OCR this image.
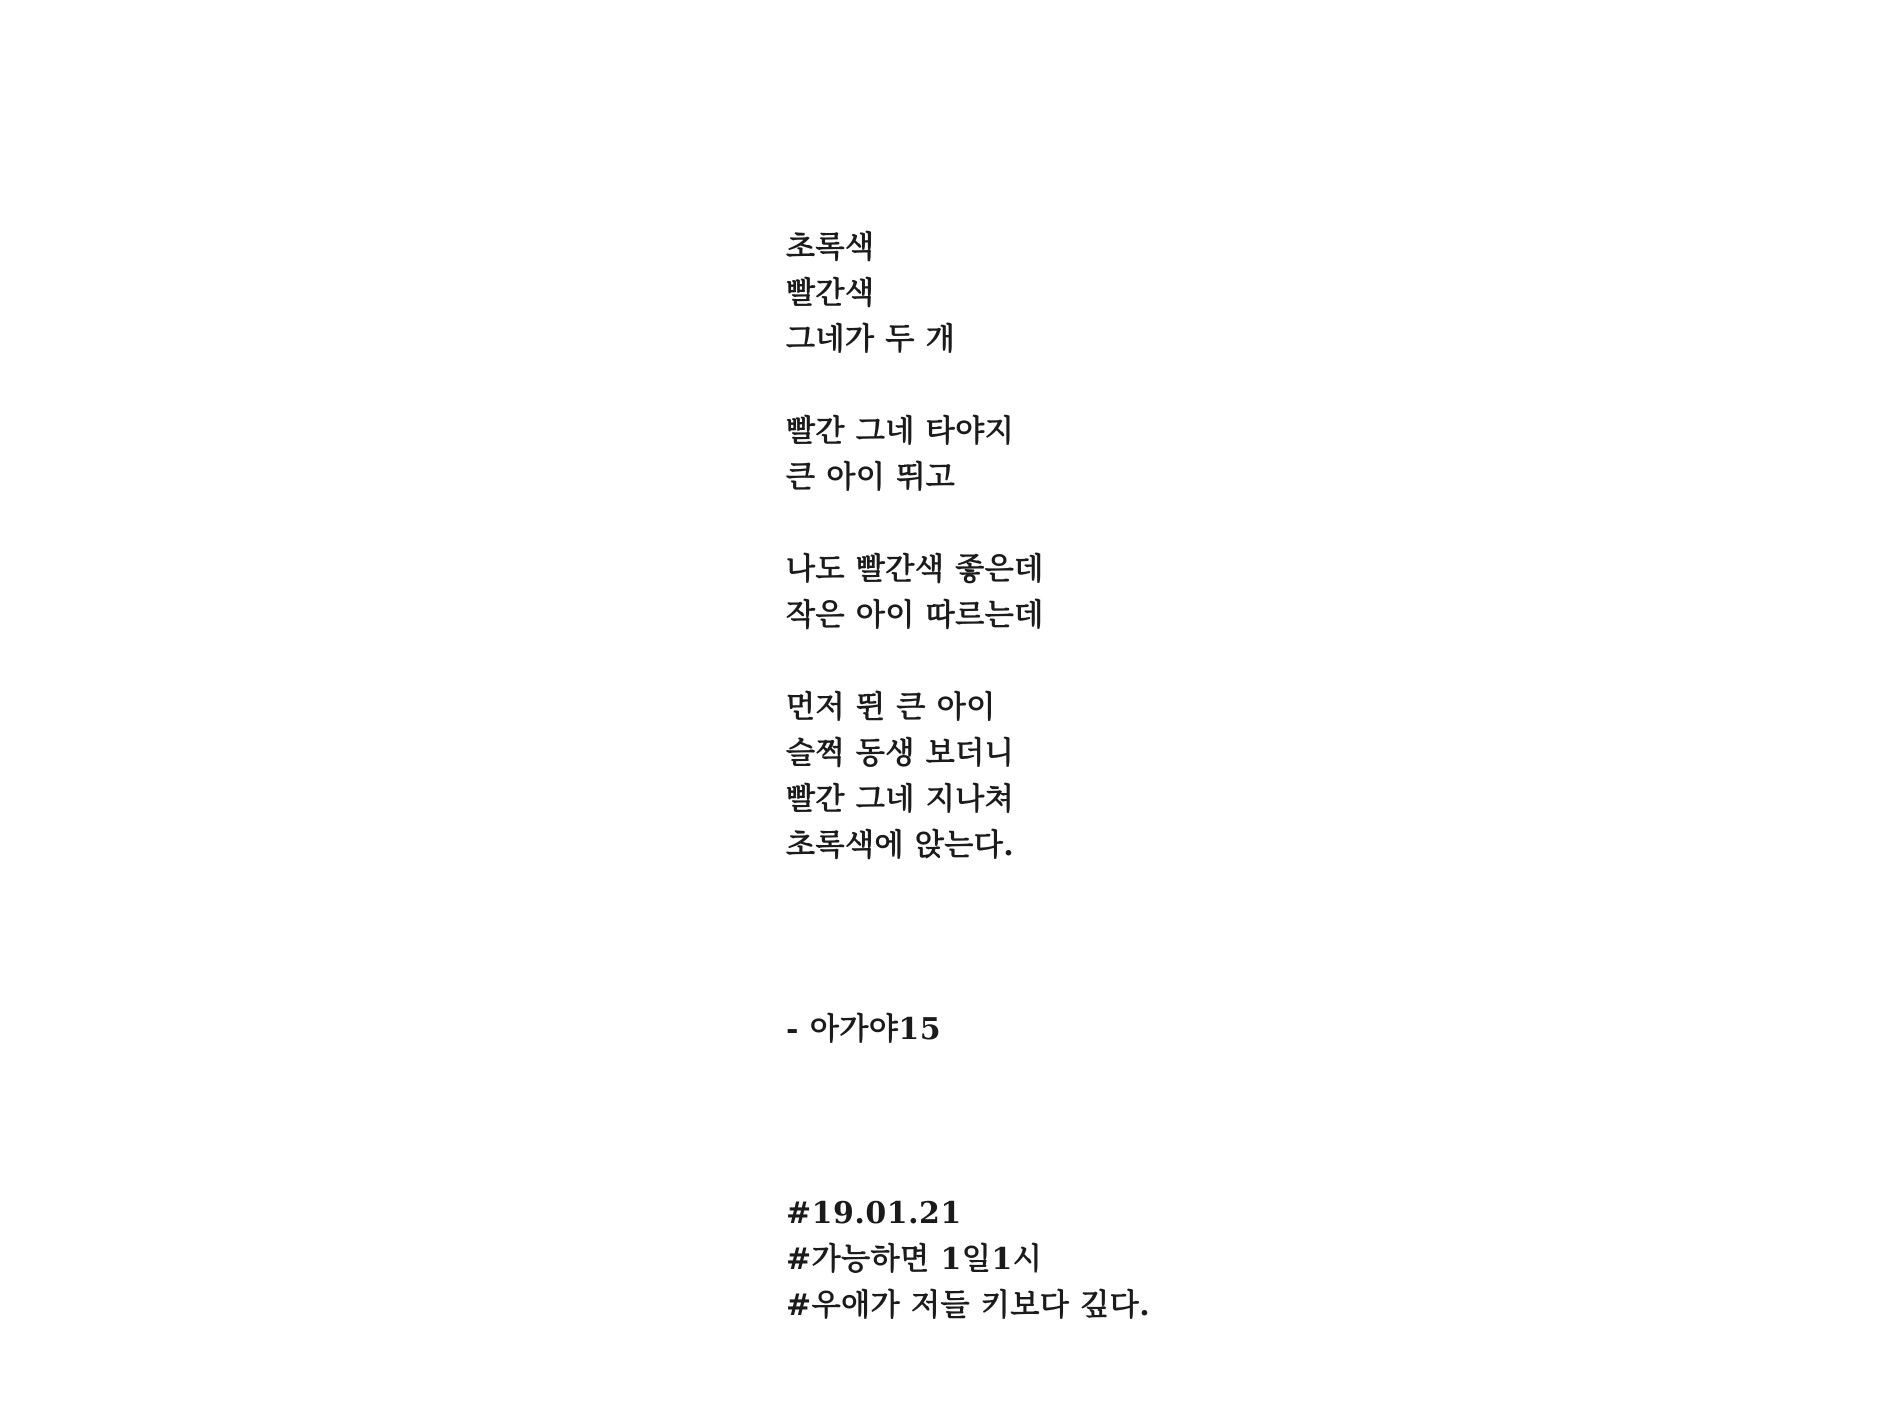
초록색
빨간색
그네가 두 개
빨간 그네 타야지
큰 아이 뛰고
나도 빨간색 좋은데
작은 아이 따르는데
먼저 뛴 큰 아이
슬쩍 동생 보더니
빨간 그네 지나쳐
초록색에 앉는다.

- 아가야15

#19.01.21
#가능하면 1일1시
#우애가 저들 키보다 깊다.
